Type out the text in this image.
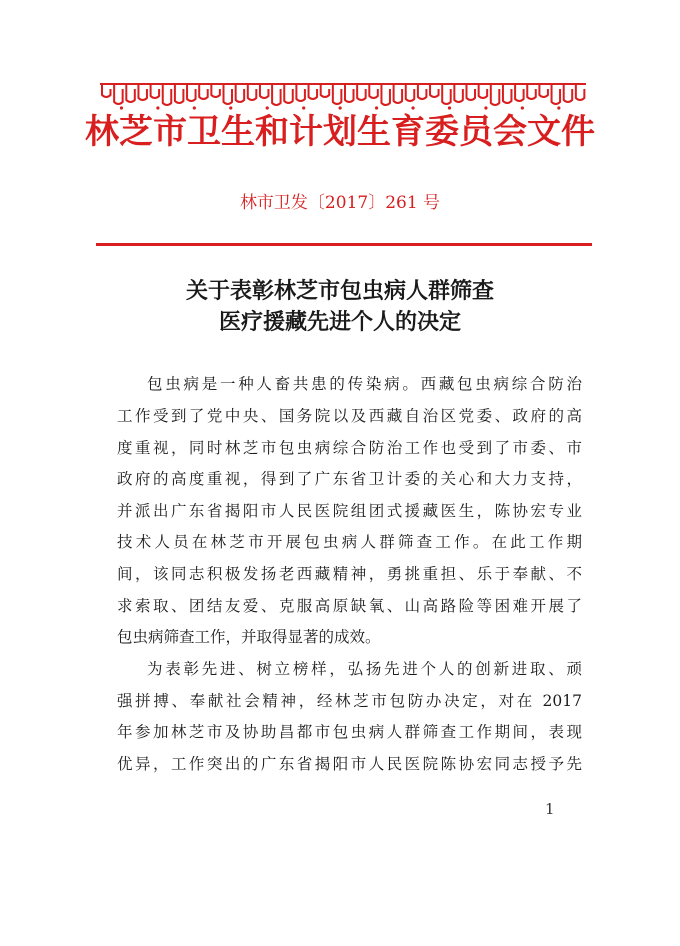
林芝市卫生和计划生育委员会文件
林市卫发〔2017〕261 号
关于表彰林芝市包虫病人群筛查
医疗援藏先进个人的决定
包虫病是一种人畜共患的传染病。西藏包虫病综合防治
工作受到了党中央、国务院以及西藏自治区党委、政府的高
度重视，同时林芝市包虫病综合防治工作也受到了市委、市
政府的高度重视，得到了广东省卫计委的关心和大力支持，
并派出广东省揭阳市人民医院组团式援藏医生，陈协宏专业
技术人员在林芝市开展包虫病人群筛查工作。在此工作期
间，该同志积极发扬老西藏精神，勇挑重担、乐于奉献、不
求索取、团结友爱、克服高原缺氧、山高路险等困难开展了
包虫病筛查工作，并取得显著的成效。
为表彰先进、树立榜样，弘扬先进个人的创新进取、顽
强拼搏、奉献社会精神，经林芝市包防办决定，对在 2017
年参加林芝市及协助昌都市包虫病人群筛查工作期间，表现
优异，工作突出的广东省揭阳市人民医院陈协宏同志授予先
1
